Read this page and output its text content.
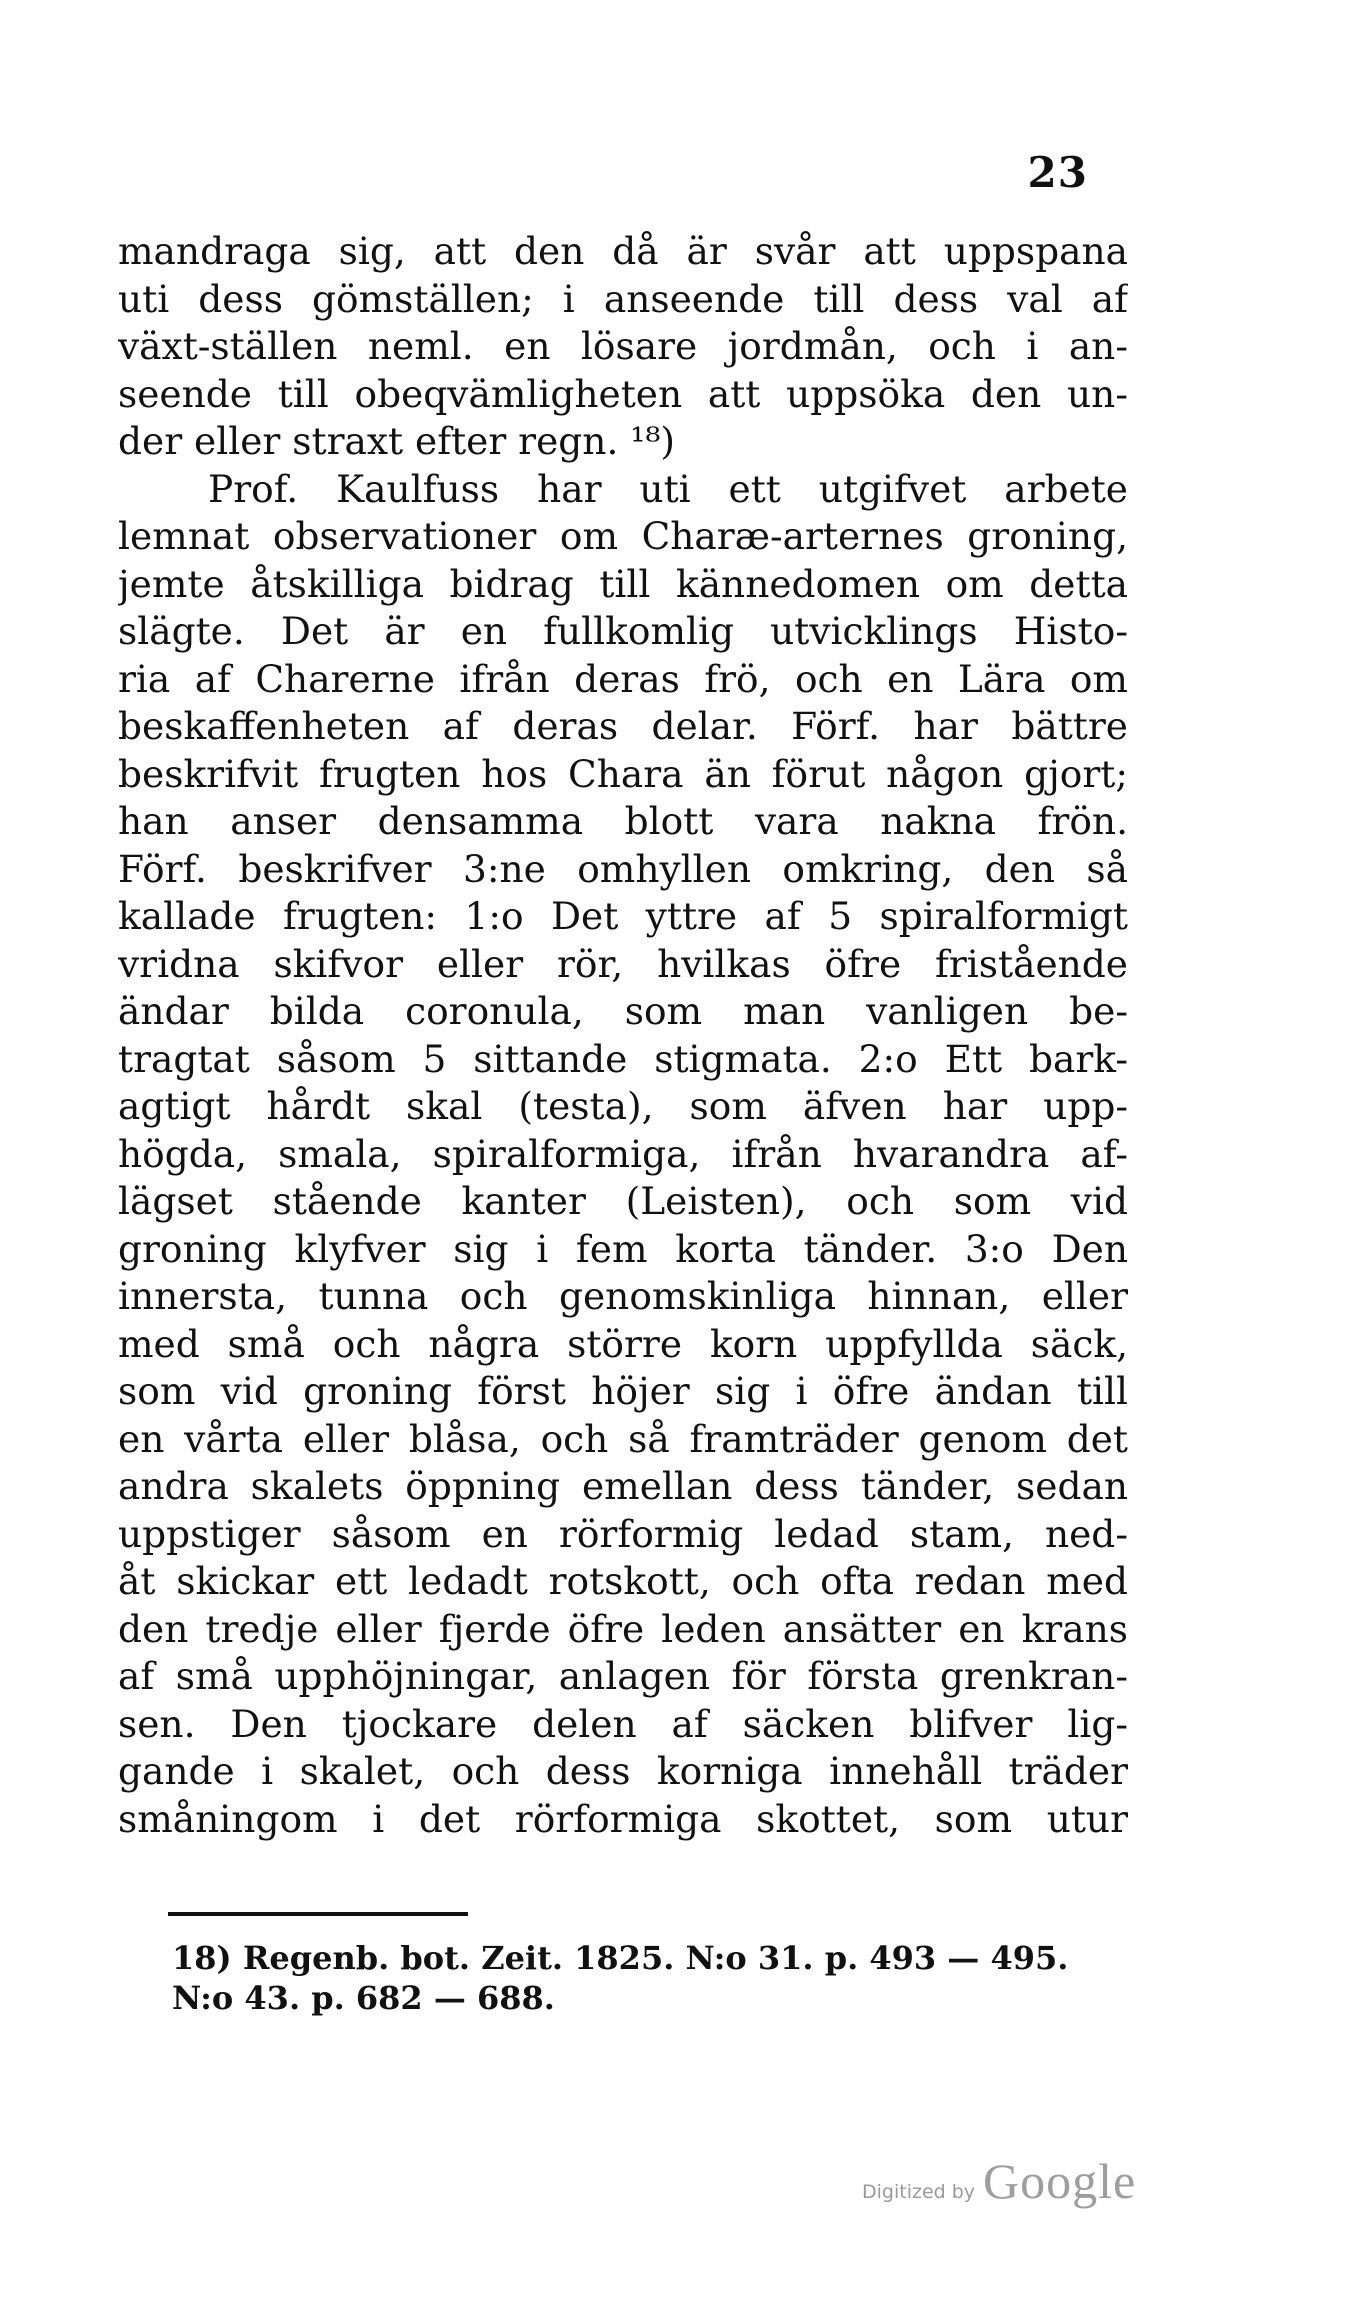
23
mandraga sig, att den då är svår att uppspana
uti dess gömställen; i anseende till dess val af
växt-ställen neml. en lösare jordmån, och i an-
seende till obeqvämligheten att uppsöka den un-
der eller straxt efter regn. ¹⁸)
Prof. Kaulfuss har uti ett utgifvet arbete
lemnat observationer om Charæ-arternes groning,
jemte åtskilliga bidrag till kännedomen om detta
slägte. Det är en fullkomlig utvicklings Histo-
ria af Charerne ifrån deras frö, och en Lära om
beskaffenheten af deras delar. Förf. har bättre
beskrifvit frugten hos Chara än förut någon gjort;
han anser densamma blott vara nakna frön.
Förf. beskrifver 3:ne omhyllen omkring, den så
kallade frugten: 1:o Det yttre af 5 spiralformigt
vridna skifvor eller rör, hvilkas öfre fristående
ändar bilda coronula, som man vanligen be-
tragtat såsom 5 sittande stigmata. 2:o Ett bark-
agtigt hårdt skal (testa), som äfven har upp-
högda, smala, spiralformiga, ifrån hvarandra af-
lägset stående kanter (Leisten), och som vid
groning klyfver sig i fem korta tänder. 3:o Den
innersta, tunna och genomskinliga hinnan, eller
med små och några större korn uppfyllda säck,
som vid groning först höjer sig i öfre ändan till
en vårta eller blåsa, och så framträder genom det
andra skalets öppning emellan dess tänder, sedan
uppstiger såsom en rörformig ledad stam, ned-
åt skickar ett ledadt rotskott, och ofta redan med
den tredje eller fjerde öfre leden ansätter en krans
af små upphöjningar, anlagen för första grenkran-
sen. Den tjockare delen af säcken blifver lig-
gande i skalet, och dess korniga innehåll träder
småningom i det rörformiga skottet, som utur
18) Regenb. bot. Zeit. 1825. N:o 31. p. 493 — 495.
N:o 43. p. 682 — 688.
Digitized by Google
